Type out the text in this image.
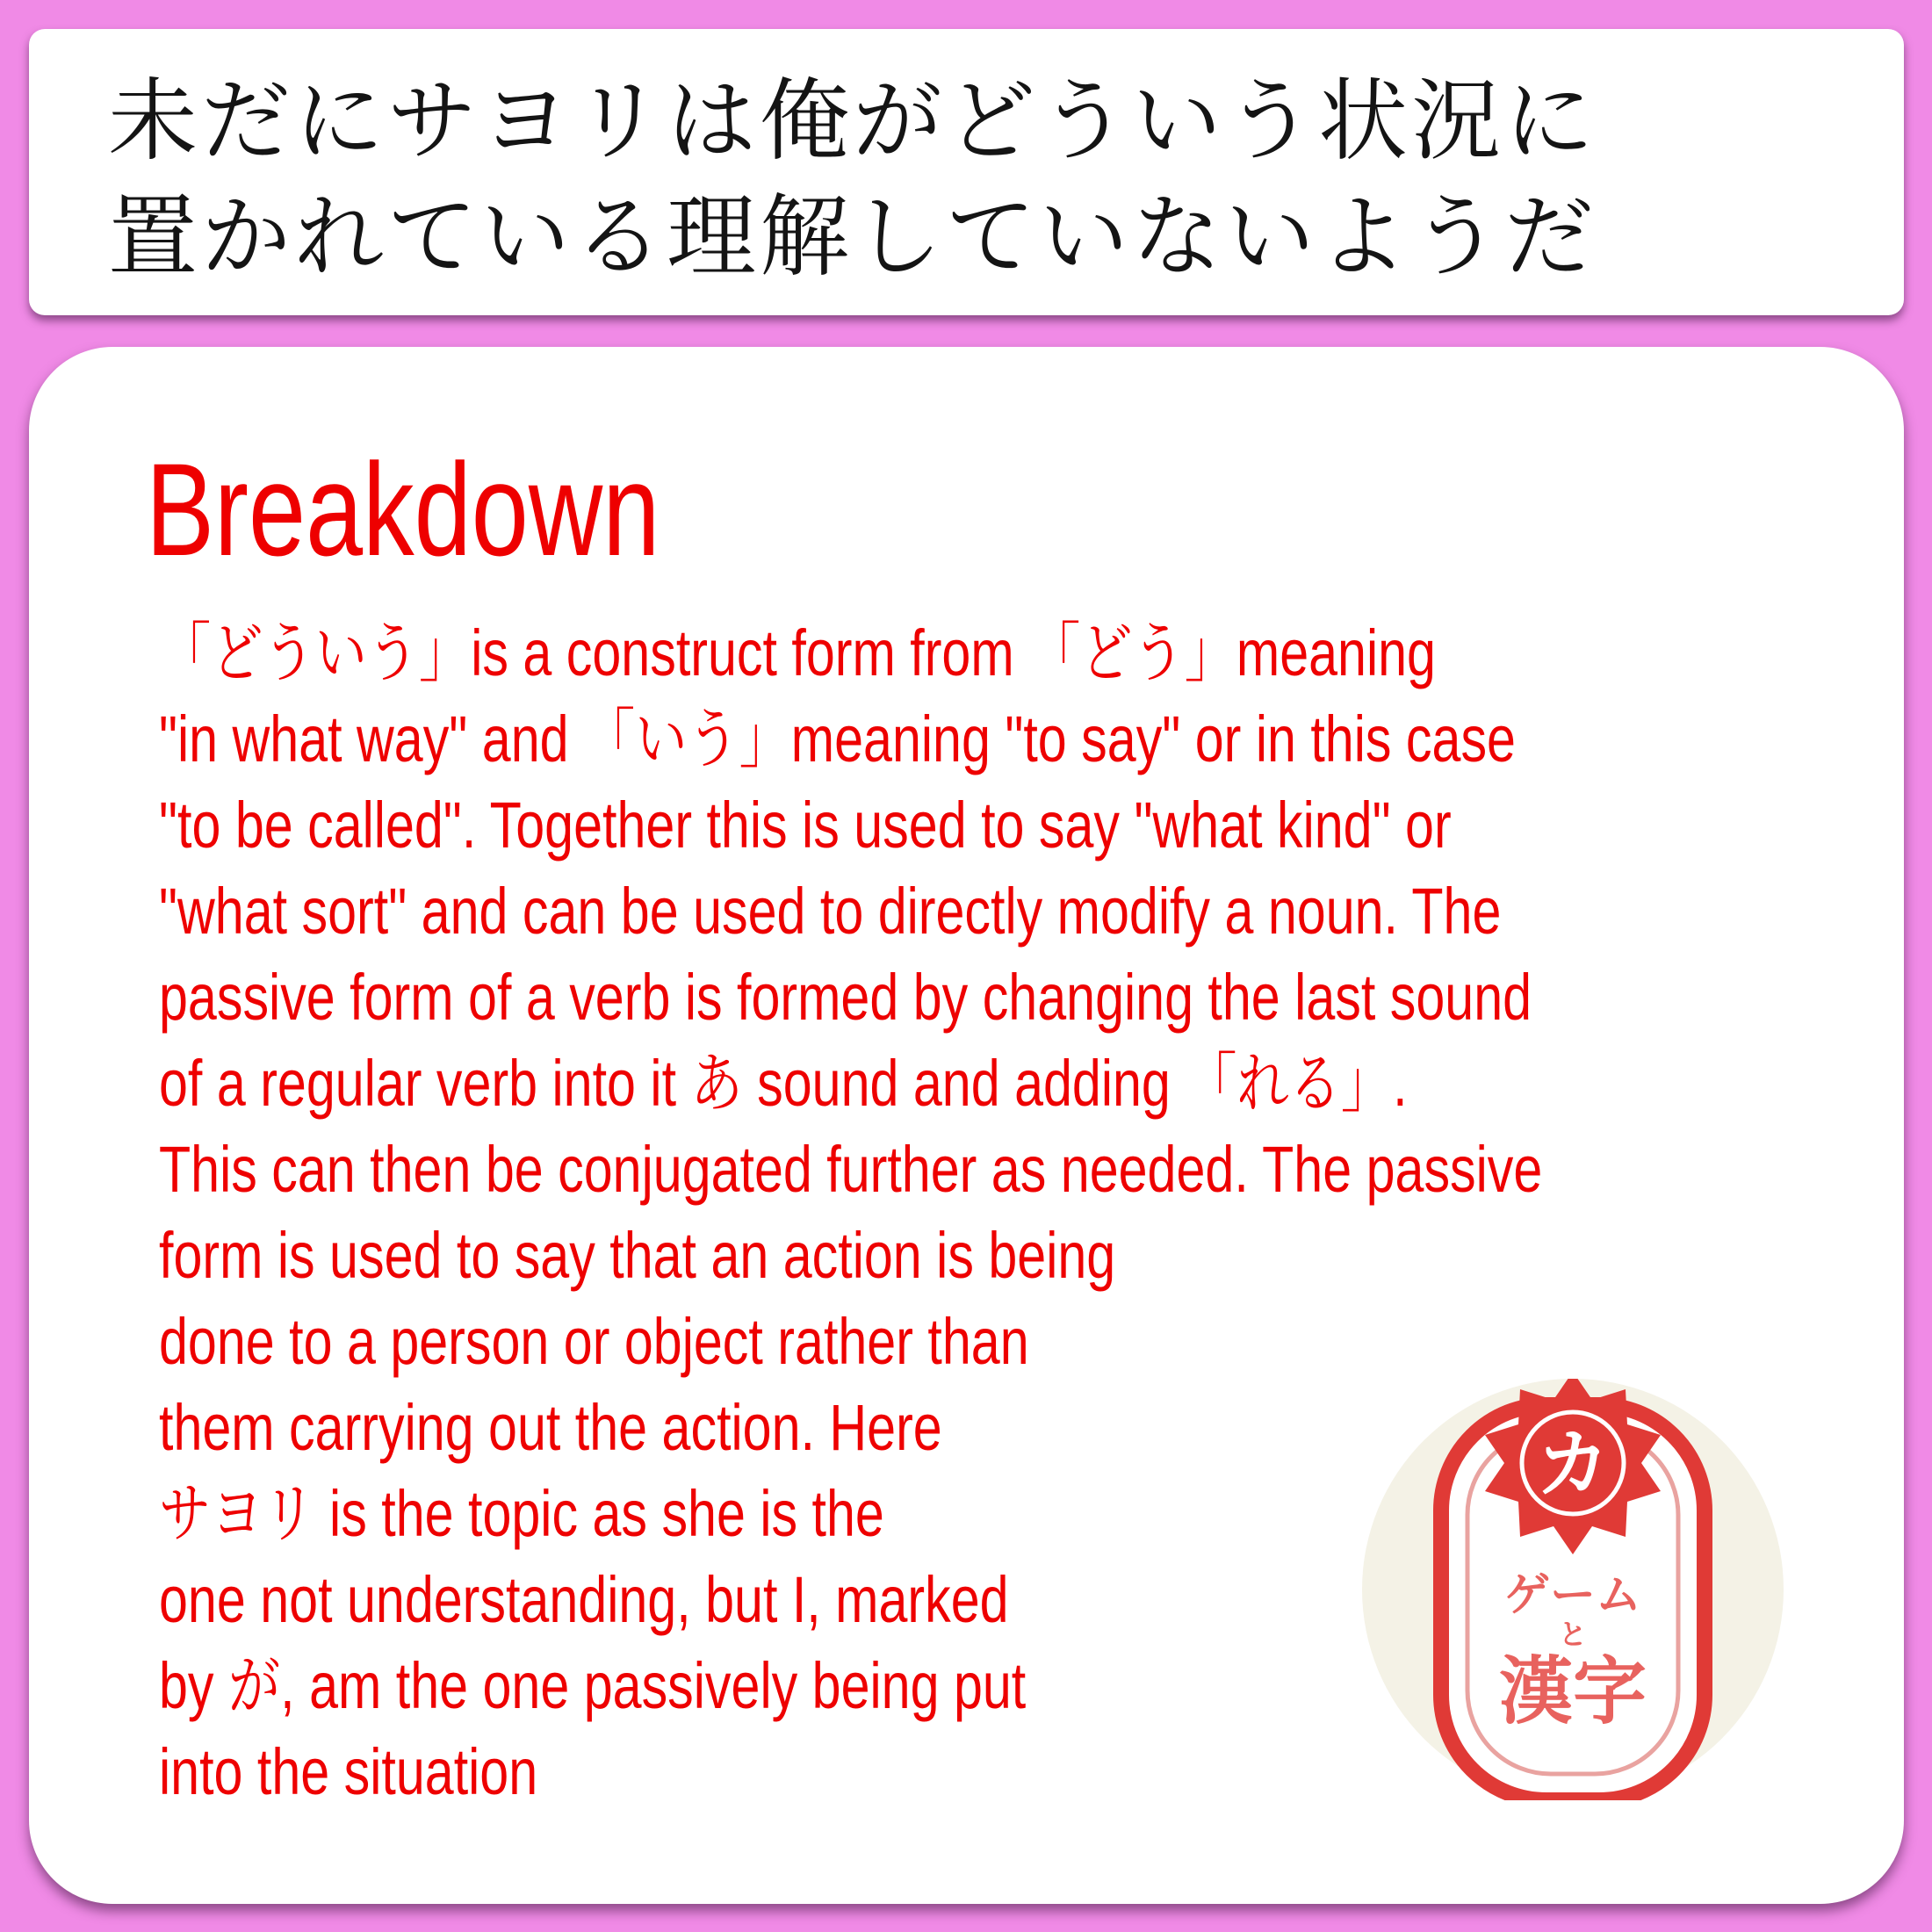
未だにサヨリは俺がどういう状況に
置かれている理解していないようだ
Breakdown
「どういう」is a construct form from 「どう」meaning
"in what way" and 「いう」meaning "to say" or in this case
"to be called". Together this is used to say "what kind" or
"what sort" and can be used to directly modify a noun. The
passive form of a verb is formed by changing the last sound
of a regular verb into it あ sound and adding 「れる」.
This can then be conjugated further as needed. The passive
form is used to say that an action is being
done to a person or object rather than
them carrying out the action. Here
サヨリ is the topic as she is the
one not understanding, but I, marked
by が, am the one passively being put
into the situation
カ
ゲーム
と
漢字
